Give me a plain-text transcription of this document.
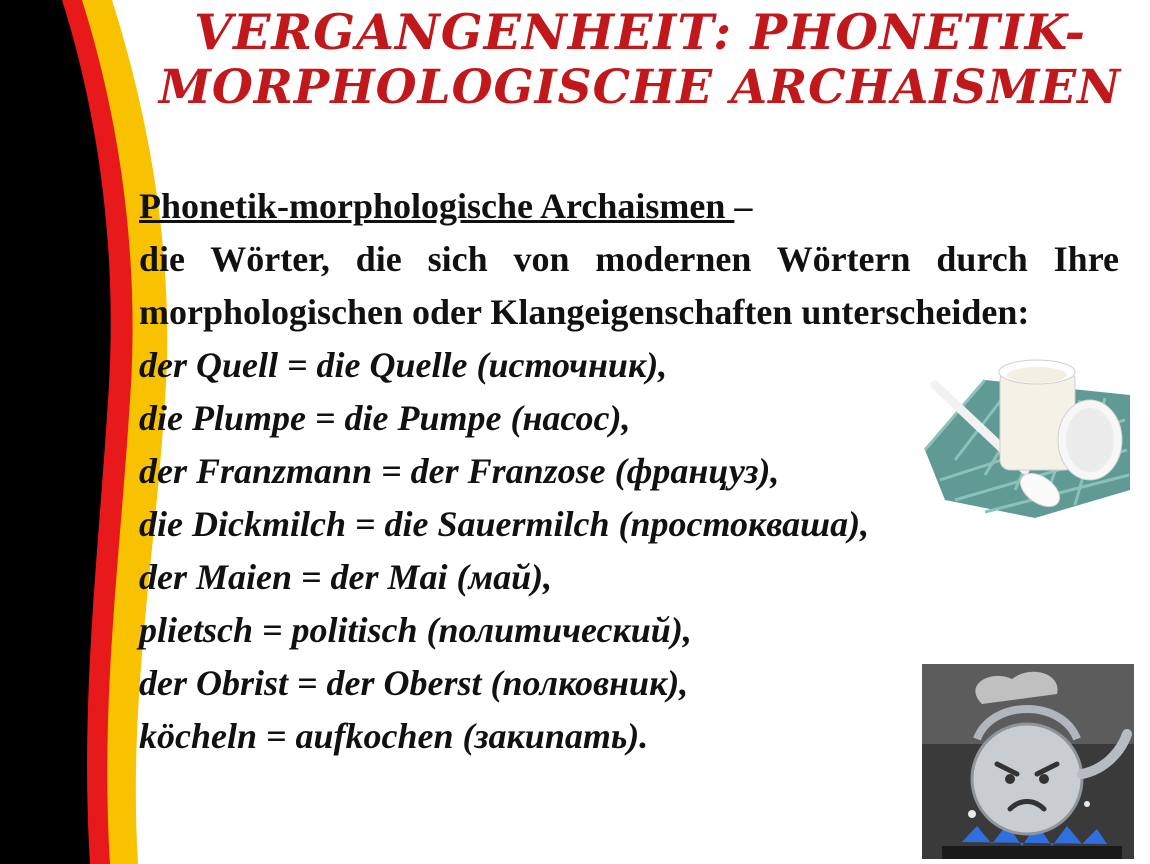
VERGANGENHEIT: PHONETIK-
MORPHOLOGISCHE ARCHAISMEN
Phonetik-morphologische Archaismen –
die Wörter, die sich von modernen Wörtern durch Ihre morphologischen oder Klangeigenschaften unterscheiden:
der Quell = die Quelle (источник),
die Plumpe = die Pumpe (насос),
der Franzmann = der Franzose (француз),
die Dickmilch = die Sauermilch (простокваша),
der Maien = der Mai (май),
plietsch = politisch (политический),
der Obrist = der Oberst (полковник),
köcheln = aufkochen (закипать).
